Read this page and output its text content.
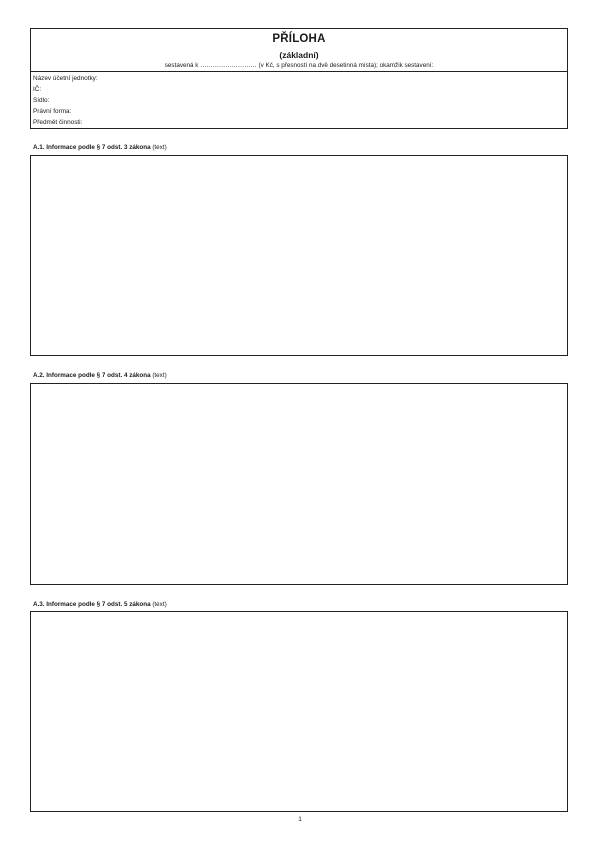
PŘÍLOHA
(základní)
sestavená k ……………………… (v Kč, s přesností na dvě desetinná místa); okamžik sestavení:
Název účetní jednotky:
IČ:
Sídlo:
Právní forma:
Předmět činnosti:
A.1. Informace podle § 7 odst. 3 zákona (text)
A.2. Informace podle § 7 odst. 4 zákona (text)
A.3. Informace podle § 7 odst. 5 zákona (text)
1
